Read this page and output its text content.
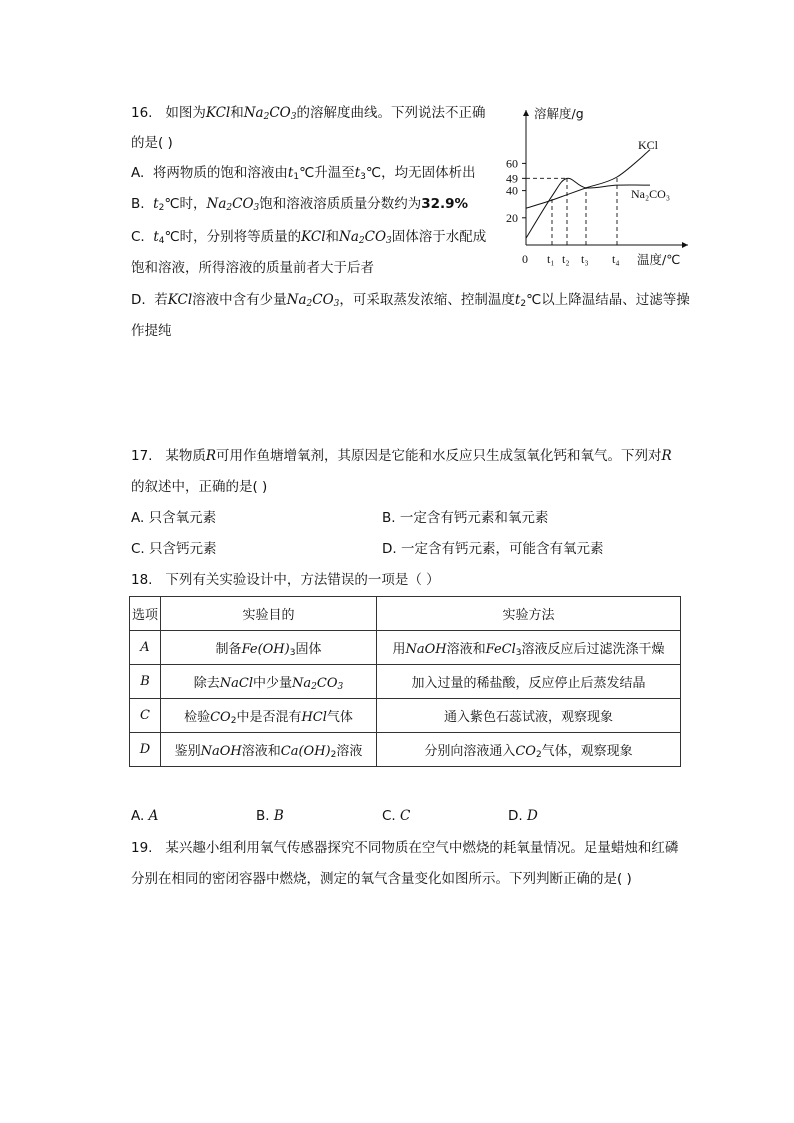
16. 如图为KCl和$Na_2CO_3$的溶解度曲线。下列说法不正确
的是( )
A. 将两物质的饱和溶液由$t_1℃$升温至$t_3℃$，均无固体析出
B. $t_2℃$时，$Na_2CO_3$饱和溶液溶质质量分数约为32.9%
C. $t_4℃$时，分别将等质量的KCl和$Na_2CO_3$固体溶于水配成
饱和溶液，所得溶液的质量前者大于后者
D. 若KCl溶液中含有少量$Na_2CO_3$，可采取蒸发浓缩、控制温度$t_2℃$以上降温结晶、过滤等操
作提纯
溶解度/g
温度/℃
20
40
49
60
0 t₁ t₂ t₃ t₄
KCl
Na₂CO₃
17. 某物质R可用作鱼塘增氧剂，其原因是它能和水反应只生成氢氧化钙和氧气。下列对R
的叙述中，正确的是( )
A. 只含氧元素	B. 一定含有钙元素和氧元素
C. 只含钙元素	D. 一定含有钙元素，可能含有氧元素
18. 下列有关实验设计中，方法错误的一项是（ ）
选项	实验目的	实验方法
A	制备$Fe(OH)_3$固体	用NaOH溶液和FeCl$_3$溶液反应后过滤洗涤干燥
B	除去NaCl中少量$Na_2CO_3$	加入过量的稀盐酸，反应停止后蒸发结晶
C	检验$CO_2$中是否混有HCl气体	通入紫色石蕊试液，观察现象
D	鉴别NaOH溶液和$Ca(OH)_2$溶液	分别向溶液通入$CO_2$气体，观察现象
A. A	B. B	C. C	D. D
19. 某兴趣小组利用氧气传感器探究不同物质在空气中燃烧的耗氧量情况。足量蜡烛和红磷
分别在相同的密闭容器中燃烧，测定的氧气含量变化如图所示。下列判断正确的是( )
